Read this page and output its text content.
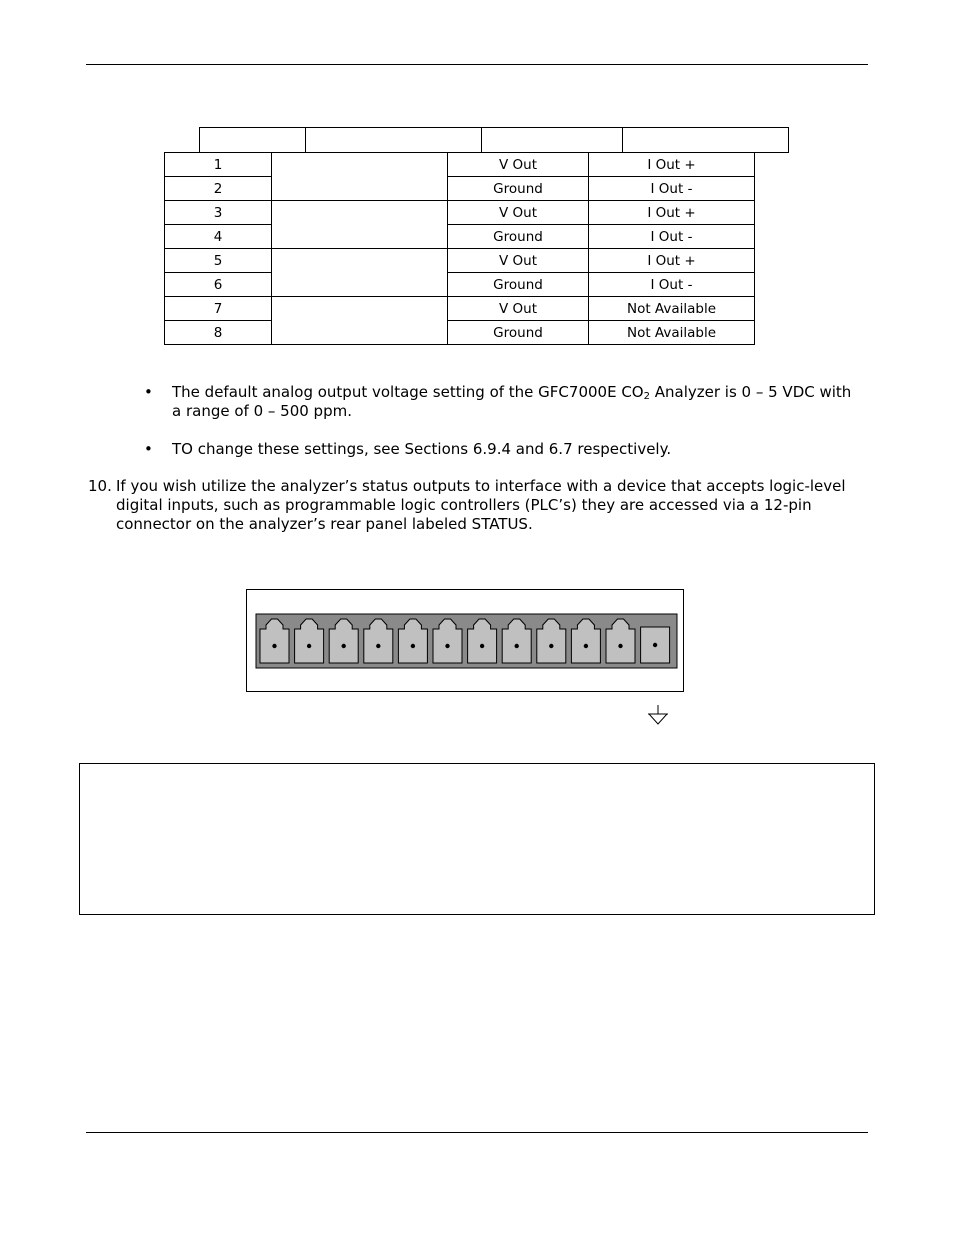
1		V Out	I Out +
2		Ground	I Out -
3		V Out	I Out +
4		Ground	I Out -
5		V Out	I Out +
6		Ground	I Out -
7		V Out	Not Available
8		Ground	Not Available
• The default analog output voltage setting of the GFC7000E $CO_2$ Analyzer is 0 – 5 VDC with a range of 0 – 500 ppm.
• TO change these settings, see Sections 6.9.4 and 6.7 respectively.
10. If you wish utilize the analyzer’s status outputs to interface with a device that accepts logic-level digital inputs, such as programmable logic controllers (PLC’s) they are accessed via a 12-pin connector on the analyzer’s rear panel labeled STATUS.
